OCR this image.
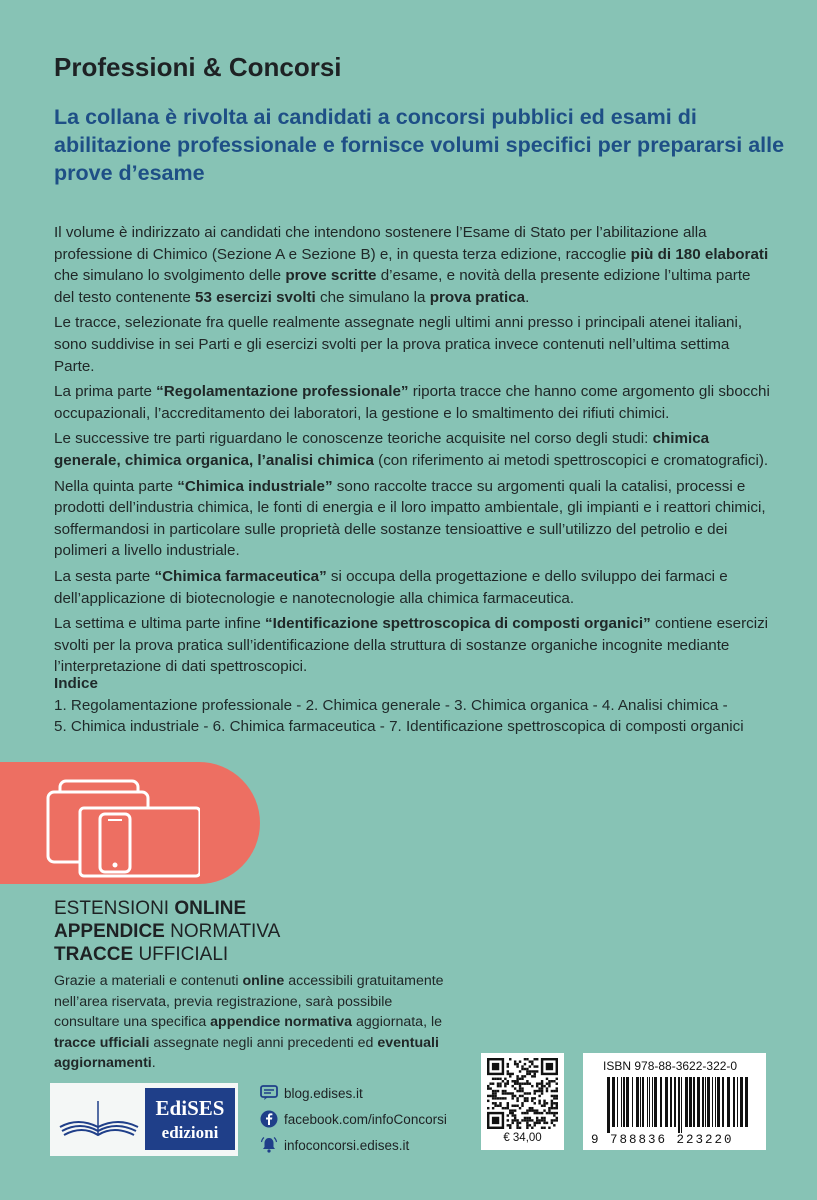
Professioni & Concorsi
La collana è rivolta ai candidati a concorsi pubblici ed esami di abilitazione professionale e fornisce volumi specifici per prepararsi alle prove d’esame

Il volume è indirizzato ai candidati che intendono sostenere l’Esame di Stato per l’abilitazione alla professione di Chimico (Sezione A e Sezione B) e, in questa terza edizione, raccoglie più di 180 elaborati che simulano lo svolgimento delle prove scritte d’esame, e novità della presente edizione l’ultima parte del testo contenente 53 esercizi svolti che simulano la prova pratica.

Le tracce, selezionate fra quelle realmente assegnate negli ultimi anni presso i principali atenei italiani, sono suddivise in sei Parti e gli esercizi svolti per la prova pratica invece contenuti nell’ultima settima Parte.

La prima parte “Regolamentazione professionale” riporta tracce che hanno come argomento gli sbocchi occupazionali, l’accreditamento dei laboratori, la gestione e lo smaltimento dei rifiuti chimici.

Le successive tre parti riguardano le conoscenze teoriche acquisite nel corso degli studi: chimica generale, chimica organica, l’analisi chimica (con riferimento ai metodi spettroscopici e cromatografici).

Nella quinta parte “Chimica industriale” sono raccolte tracce su argomenti quali la catalisi, processi e prodotti dell’industria chimica, le fonti di energia e il loro impatto ambientale, gli impianti e i reattori chimici, soffermandosi in particolare sulle proprietà delle sostanze tensioattive e sull’utilizzo del petrolio e dei polimeri a livello industriale.

La sesta parte “Chimica farmaceutica” si occupa della progettazione e dello sviluppo dei farmaci e dell’applicazione di biotecnologie e nanotecnologie alla chimica farmaceutica.

La settima e ultima parte infine “Identificazione spettroscopica di composti organici” contiene esercizi svolti per la prova pratica sull’identificazione della struttura di sostanze organiche incognite mediante l’interpretazione di dati spettroscopici.

Indice
1. Regolamentazione professionale - 2. Chimica generale - 3. Chimica organica - 4. Analisi chimica -
5. Chimica industriale - 6. Chimica farmaceutica - 7. Identificazione spettroscopica di composti organici
ESTENSIONI ONLINE
APPENDICE NORMATIVA
TRACCE UFFICIALI
Grazie a materiali e contenuti online accessibili gratuitamente nell’area riservata, previa registrazione, sarà possibile consultare una specifica appendice normativa aggiornata, le tracce ufficiali assegnate negli anni precedenti ed eventuali aggiornamenti.
EdiSES
edizioni
blog.edises.it
facebook.com/infoConcorsi
infoconcorsi.edises.it	€ 34,00
ISBN 978-88-3622-322-0
9 788836 223220
